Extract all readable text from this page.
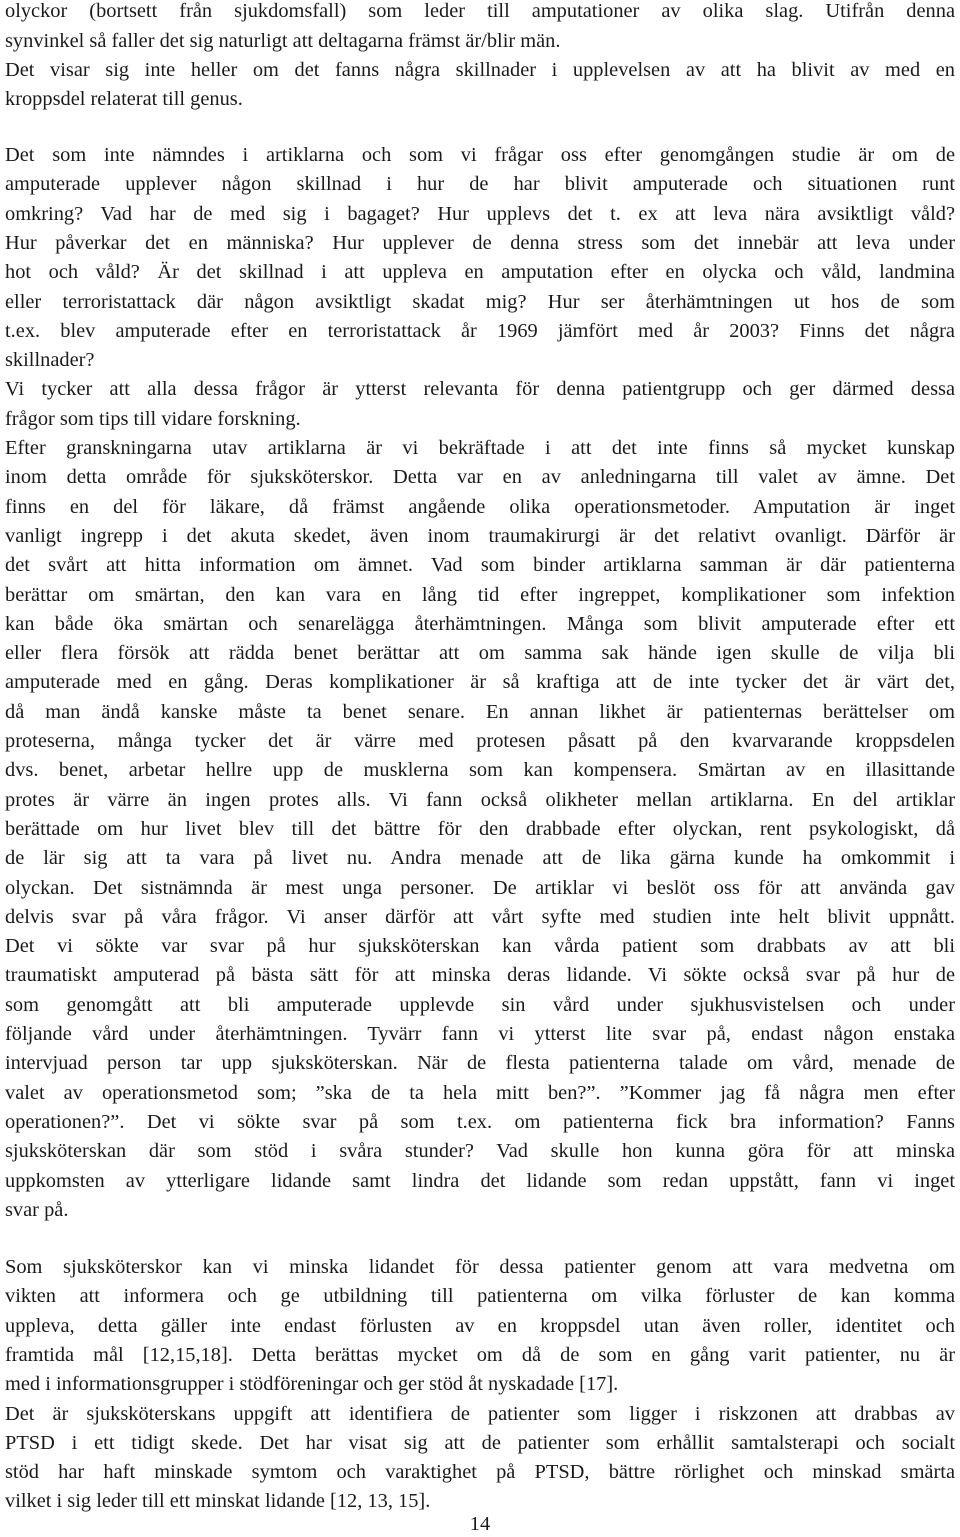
olyckor (bortsett från sjukdomsfall) som leder till amputationer av olika slag. Utifrån denna
synvinkel så faller det sig naturligt att deltagarna främst är/blir män.
Det visar sig inte heller om det fanns några skillnader i upplevelsen av att ha blivit av med en
kroppsdel relaterat till genus.
Det som inte nämndes i artiklarna och som vi frågar oss efter genomgången studie är om de
amputerade upplever någon skillnad i hur de har blivit amputerade och situationen runt
omkring? Vad har de med sig i bagaget? Hur upplevs det t. ex att leva nära avsiktligt våld?
Hur påverkar det en människa? Hur upplever de denna stress som det innebär att leva under
hot och våld? Är det skillnad i att uppleva en amputation efter en olycka och våld, landmina
eller terroristattack där någon avsiktligt skadat mig? Hur ser återhämtningen ut hos de som
t.ex. blev amputerade efter en terroristattack år 1969 jämfört med år 2003? Finns det några
skillnader?
Vi tycker att alla dessa frågor är ytterst relevanta för denna patientgrupp och ger därmed dessa
frågor som tips till vidare forskning.
Efter granskningarna utav artiklarna är vi bekräftade i att det inte finns så mycket kunskap
inom detta område för sjuksköterskor. Detta var en av anledningarna till valet av ämne. Det
finns en del för läkare, då främst angående olika operationsmetoder. Amputation är inget
vanligt ingrepp i det akuta skedet, även inom traumakirurgi är det relativt ovanligt. Därför är
det svårt att hitta information om ämnet. Vad som binder artiklarna samman är där patienterna
berättar om smärtan, den kan vara en lång tid efter ingreppet, komplikationer som infektion
kan både öka smärtan och senarelägga återhämtningen. Många som blivit amputerade efter ett
eller flera försök att rädda benet berättar att om samma sak hände igen skulle de vilja bli
amputerade med en gång. Deras komplikationer är så kraftiga att de inte tycker det är värt det,
då man ändå kanske måste ta benet senare. En annan likhet är patienternas berättelser om
proteserna, många tycker det är värre med protesen påsatt på den kvarvarande kroppsdelen
dvs. benet, arbetar hellre upp de musklerna som kan kompensera. Smärtan av en illasittande
protes är värre än ingen protes alls. Vi fann också olikheter mellan artiklarna. En del artiklar
berättade om hur livet blev till det bättre för den drabbade efter olyckan, rent psykologiskt, då
de lär sig att ta vara på livet nu. Andra menade att de lika gärna kunde ha omkommit i
olyckan. Det sistnämnda är mest unga personer. De artiklar vi beslöt oss för att använda gav
delvis svar på våra frågor. Vi anser därför att vårt syfte med studien inte helt blivit uppnått.
Det vi sökte var svar på hur sjuksköterskan kan vårda patient som drabbats av att bli
traumatiskt amputerad på bästa sätt för att minska deras lidande. Vi sökte också svar på hur de
som genomgått att bli amputerade upplevde sin vård under sjukhusvistelsen och under
följande vård under återhämtningen. Tyvärr fann vi ytterst lite svar på, endast någon enstaka
intervjuad person tar upp sjuksköterskan. När de flesta patienterna talade om vård, menade de
valet av operationsmetod som; ”ska de ta hela mitt ben?”. ”Kommer jag få några men efter
operationen?”. Det vi sökte svar på som t.ex. om patienterna fick bra information? Fanns
sjuksköterskan där som stöd i svåra stunder? Vad skulle hon kunna göra för att minska
uppkomsten av ytterligare lidande samt lindra det lidande som redan uppstått, fann vi inget
svar på.
Som sjuksköterskor kan vi minska lidandet för dessa patienter genom att vara medvetna om
vikten att informera och ge utbildning till patienterna om vilka förluster de kan komma
uppleva, detta gäller inte endast förlusten av en kroppsdel utan även roller, identitet och
framtida mål [12,15,18]. Detta berättas mycket om då de som en gång varit patienter, nu är
med i informationsgrupper i stödföreningar och ger stöd åt nyskadade [17].
Det är sjuksköterskans uppgift att identifiera de patienter som ligger i riskzonen att drabbas av
PTSD i ett tidigt skede. Det har visat sig att de patienter som erhållit samtalsterapi och socialt
stöd har haft minskade symtom och varaktighet på PTSD, bättre rörlighet och minskad smärta
vilket i sig leder till ett minskat lidande [12, 13, 15].
14
